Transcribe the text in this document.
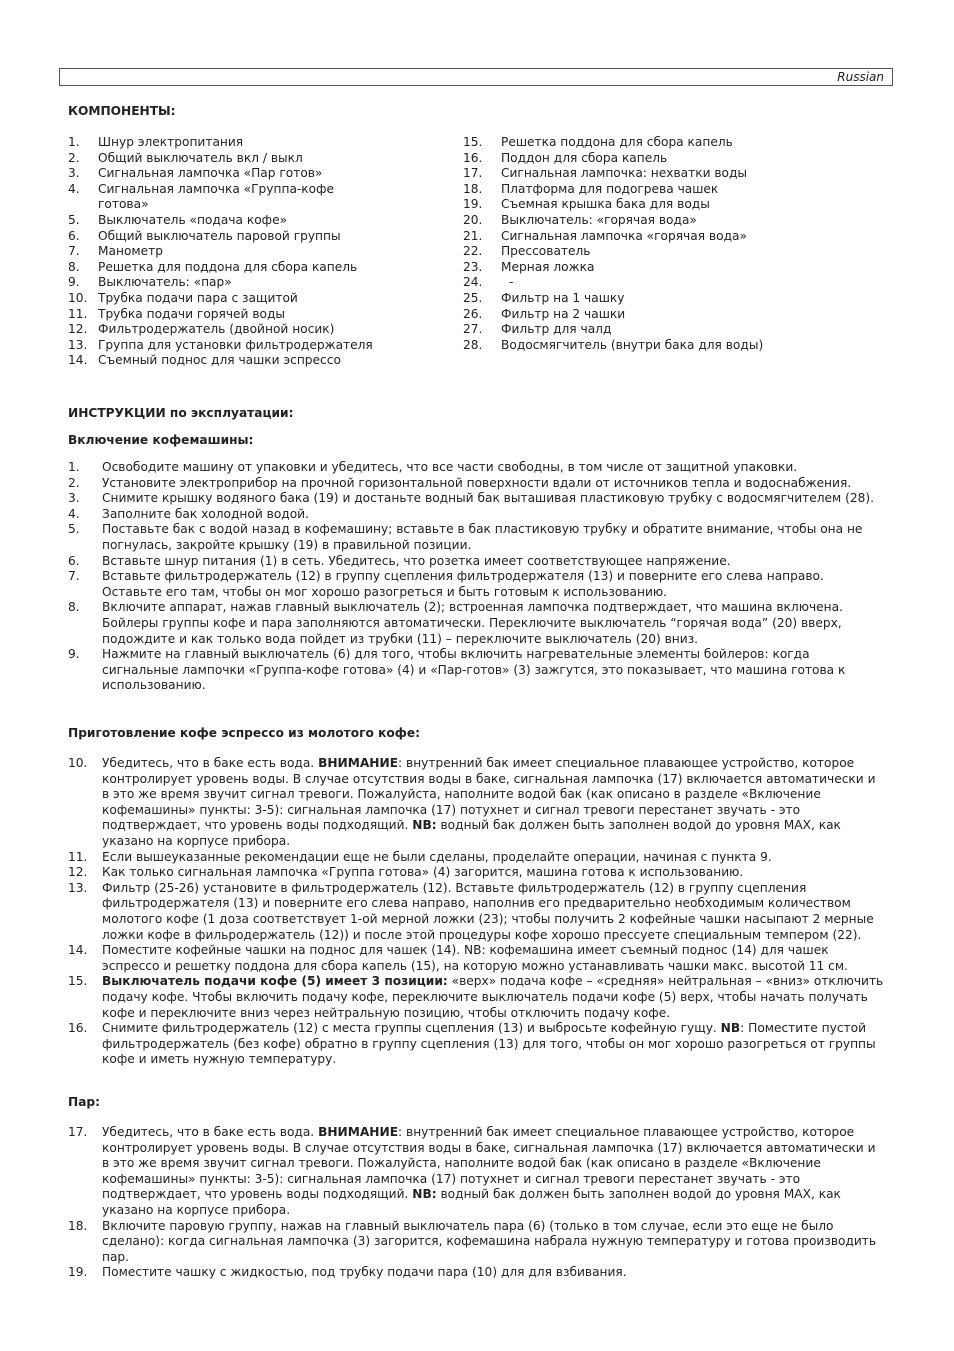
Russian
КОМПОНЕНТЫ:
1. Шнур электропитания
2. Общий выключатель вкл / выкл
3. Сигнальная лампочка «Пар готов»
4. Сигнальная лампочка «Группа-кофе готова»
5. Выключатель «подача кофе»
6. Общий выключатель паровой группы
7. Манометр
8. Решетка для поддона для сбора капель
9. Выключатель: «пар»
10. Трубка подачи пара с защитой
11. Трубка подачи горячей воды
12. Фильтродержатель (двойной носик)
13. Группа для установки фильтродержателя
14. Съемный поднос для чашки эспрессо
15. Решетка поддона для сбора капель
16. Поддон для сбора капель
17. Сигнальная лампочка: нехватки воды
18. Платформа для подогрева чашек
19. Съемная крышка бака для воды
20. Выключатель: «горячая вода»
21. Сигнальная лампочка «горячая вода»
22. Прессователь
23. Мерная ложка
24. -
25. Фильтр на 1 чашку
26. Фильтр на 2 чашки
27. Фильтр для чалд
28. Водосмягчитель (внутри бака для воды)
ИНСТРУКЦИИ по эксплуатации:
Включение кофемашины:
1. Освободите машину от упаковки и убедитесь, что все части свободны, в том числе от защитной упаковки.
2. Установите электроприбор на прочной горизонтальной поверхности вдали от источников тепла и водоснабжения.
3. Снимите крышку водяного бака (19) и достаньте водный бак выташивая пластиковую трубку с водосмягчителем (28).
4. Заполните бак холодной водой.
5. Поставьте бак с водой назад в кофемашину; вставьте в бак пластиковую трубку и обратите внимание, чтобы она не погнулась, закройте крышку (19) в правильной позиции.
6. Вставьте шнур питания (1) в сеть. Убедитесь, что розетка имеет соответствующее напряжение.
7. Вставьте фильтродержатель (12) в группу сцепления фильтродержателя (13) и поверните его слева направо. Оставьте его там, чтобы он мог хорошо разогреться и быть готовым к использованию.
8. Включите аппарат, нажав главный выключатель (2); встроенная лампочка подтверждает, что машина включена. Бойлеры группы кофе и пара заполняются автоматически. Переключите выключатель “горячая вода” (20) вверх, подождите и как только вода пойдет из трубки (11) – переключите выключатель (20) вниз.
9. Нажмите на главный выключатель (6) для того, чтобы включить нагревательные элементы бойлеров: когда сигнальные лампочки «Группа-кофе готова» (4) и «Пар-готов» (3) зажгутся, это показывает, что машина готова к использованию.
Приготовление кофе эспрессо из молотого кофе:
10. Убедитесь, что в баке есть вода. ВНИМАНИЕ: внутренний бак имеет специальное плавающее устройство, которое контролирует уровень воды. В случае отсутствия воды в баке, сигнальная лампочка (17) включается автоматически и в это же время звучит сигнал тревоги. Пожалуйста, наполните водой бак (как описано в разделе «Включение кофемашины» пункты: 3-5): сигнальная лампочка (17) потухнет и сигнал тревоги перестанет звучать - это подтверждает, что уровень воды подходящий. NB: водный бак должен быть заполнен водой до уровня MAX, как указано на корпусе прибора.
11. Если вышеуказанные рекомендации еще не были сделаны, проделайте операции, начиная с пункта 9.
12. Как только сигнальная лампочка «Группа готова» (4) загорится, машина готова к использованию.
13. Фильтр (25-26) установите в фильтродержатель (12). Вставьте фильтродержатель (12) в группу сцепления фильтродержателя (13) и поверните его слева направо, наполнив его предварительно необходимым количеством молотого кофе (1 доза соответствует 1-ой мерной ложки (23); чтобы получить 2 кофейные чашки насыпают 2 мерные ложки кофе в фильродержатель (12)) и после этой процедуры кофе хорошо прессуете специальным темпером (22).
14. Поместите кофейные чашки на поднос для чашек (14). NB: кофемашина имеет съемный поднос (14) для чашек эспрессо и решетку поддона для сбора капель (15), на которую можно устанавливать чашки макс. высотой 11 см.
15. Выключатель подачи кофе (5) имеет 3 позиции: «верх» подача кофе – «средняя» нейтральная – «вниз» отключить подачу кофе. Чтобы включить подачу кофе, переключите выключатель подачи кофе (5) верх, чтобы начать получать кофе и переключите вниз через нейтральную позицию, чтобы отключить подачу кофе.
16. Снимите фильтродержатель (12) с места группы сцепления (13) и выбросьте кофейную гущу. NB: Поместите пустой фильтродержатель (без кофе) обратно в группу сцепления (13) для того, чтобы он мог хорошо разогреться от группы кофе и иметь нужную температуру.
Пар:
17. Убедитесь, что в баке есть вода. ВНИМАНИЕ: внутренний бак имеет специальное плавающее устройство, которое контролирует уровень воды. В случае отсутствия воды в баке, сигнальная лампочка (17) включается автоматически и в это же время звучит сигнал тревоги. Пожалуйста, наполните водой бак (как описано в разделе «Включение кофемашины» пункты: 3-5): сигнальная лампочка (17) потухнет и сигнал тревоги перестанет звучать - это подтверждает, что уровень воды подходящий. NB: водный бак должен быть заполнен водой до уровня MAX, как указано на корпусе прибора.
18. Включите паровую группу, нажав на главный выключатель пара (6) (только в том случае, если это еще не было сделано): когда сигнальная лампочка (3) загорится, кофемашина набрала нужную температуру и готова производить пар.
19. Поместите чашку с жидкостью, под трубку подачи пара (10) для для взбивания.
